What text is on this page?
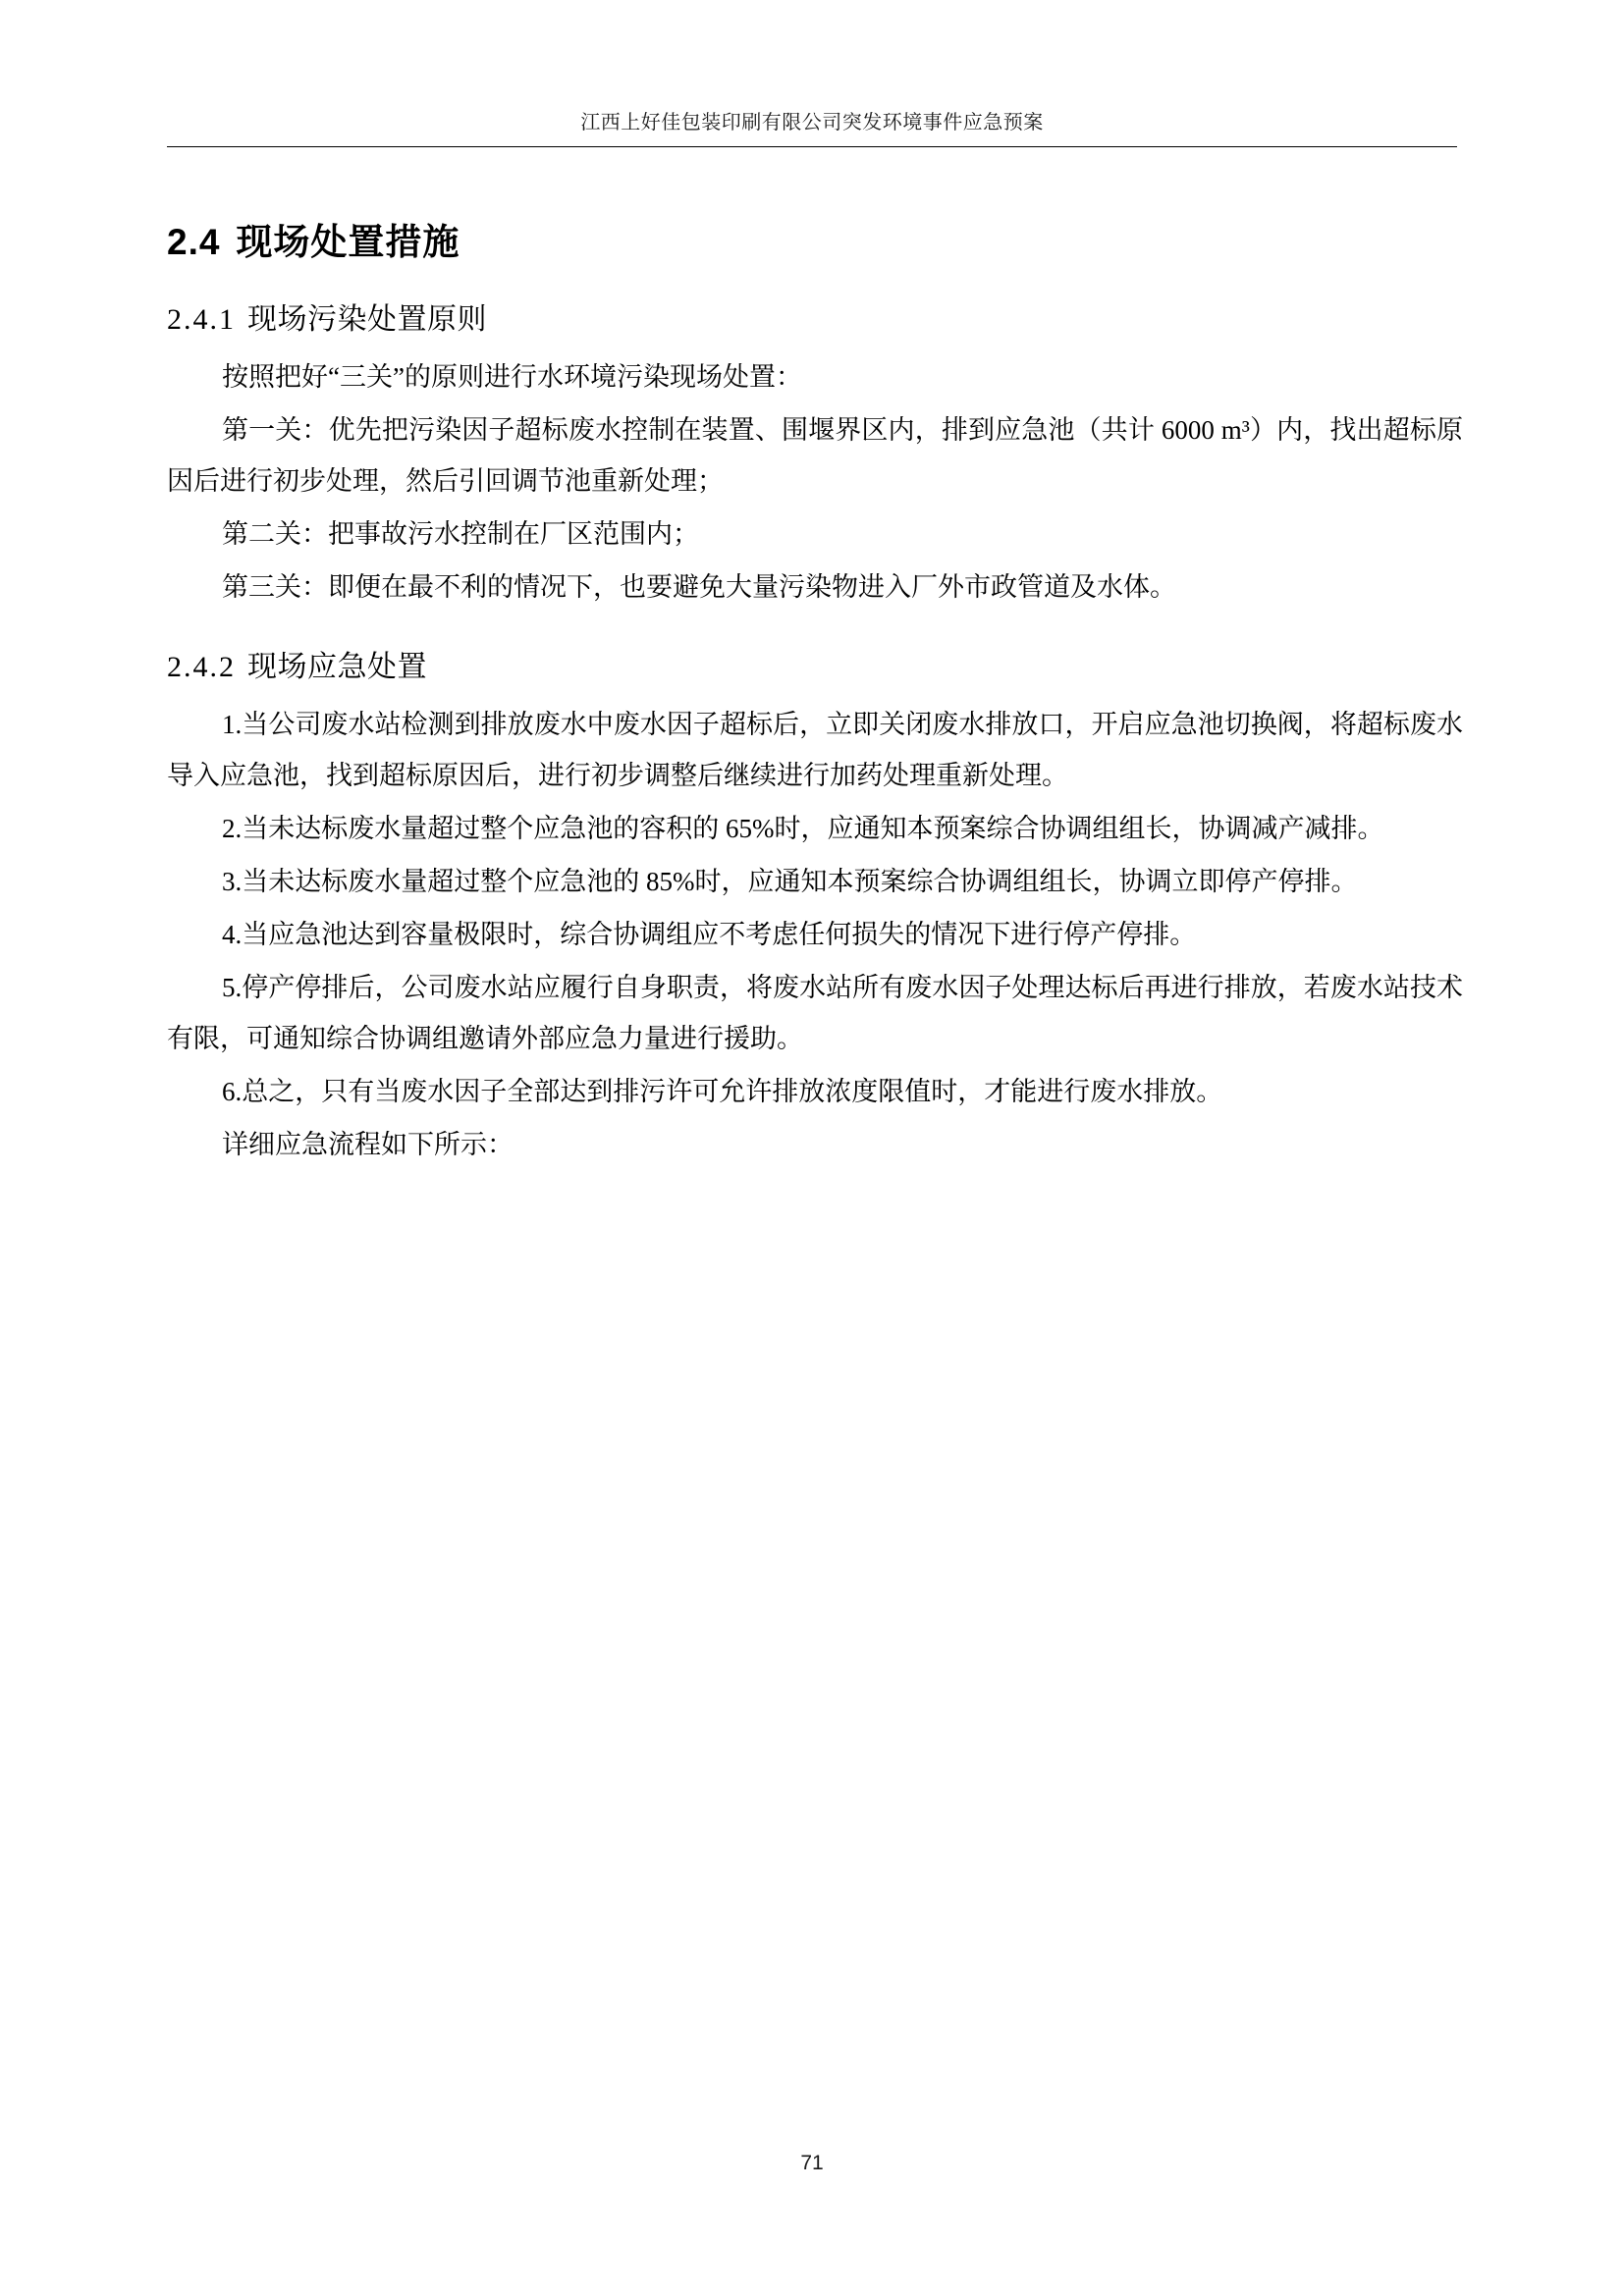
江西上好佳包装印刷有限公司突发环境事件应急预案
2.4 现场处置措施
2.4.1 现场污染处置原则

按照把好“三关”的原则进行水环境污染现场处置：

第一关：优先把污染因子超标废水控制在装置、围堰界区内，排到应急池（共计 6000 m³）内，找出超标原因后进行初步处理，然后引回调节池重新处理；

第二关：把事故污水控制在厂区范围内；

第三关：即便在最不利的情况下，也要避免大量污染物进入厂外市政管道及水体。

2.4.2 现场应急处置

1.当公司废水站检测到排放废水中废水因子超标后，立即关闭废水排放口，开启应急池切换阀，将超标废水导入应急池，找到超标原因后，进行初步调整后继续进行加药处理重新处理。

2.当未达标废水量超过整个应急池的容积的 65%时，应通知本预案综合协调组组长，协调减产减排。

3.当未达标废水量超过整个应急池的 85%时，应通知本预案综合协调组组长，协调立即停产停排。

4.当应急池达到容量极限时，综合协调组应不考虑任何损失的情况下进行停产停排。

5.停产停排后，公司废水站应履行自身职责，将废水站所有废水因子处理达标后再进行排放，若废水站技术有限，可通知综合协调组邀请外部应急力量进行援助。

6.总之，只有当废水因子全部达到排污许可允许排放浓度限值时，才能进行废水排放。

详细应急流程如下所示：

71
